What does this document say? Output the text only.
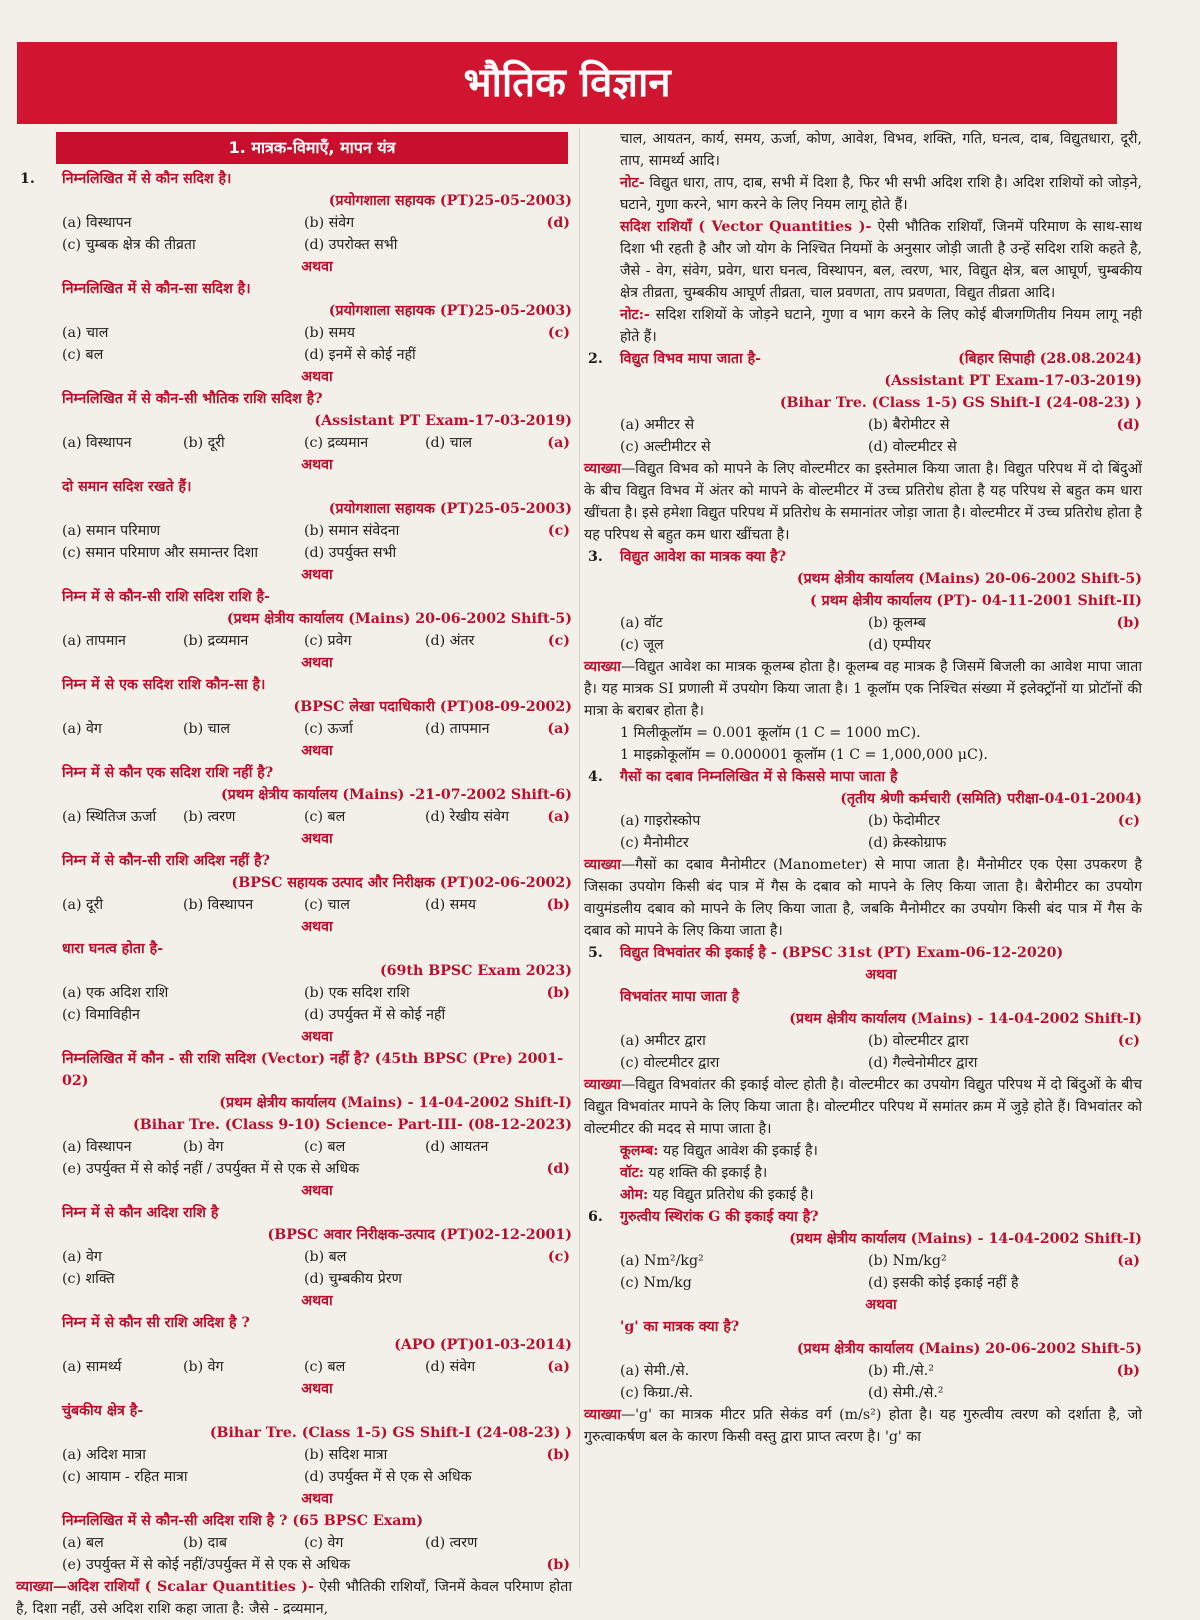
भौतिक विज्ञान
1. मात्रक-विमाएँ, मापन यंत्र
1. निम्नलिखित में से कौन सदिश है।
(प्रयोगशाला सहायक (PT)25-05-2003)
(a) विस्थापन	(b) संवेग
(c) चुम्बक क्षेत्र की तीव्रता	(d) उपरोक्त सभी
(d)
अथवा
निम्नलिखित में से कौन-सा सदिश है।
(प्रयोगशाला सहायक (PT)25-05-2003)
(a) चाल	(b) समय
(c) बल	(d) इनमें से कोई नहीं
(c)
अथवा
निम्नलिखित में से कौन-सी भौतिक राशि सदिश है?
(Assistant PT Exam-17-03-2019)
(a) विस्थापन	(b) दूरी	(c) द्रव्यमान	(d) चाल	(a)
अथवा
दो समान सदिश रखते हैं।
(प्रयोगशाला सहायक (PT)25-05-2003)
(a) समान परिमाण	(b) समान संवेदना
(c) समान परिमाण और समान्तर दिशा	(d) उपर्युक्त सभी
(c)
अथवा
निम्न में से कौन-सी राशि सदिश राशि है-
(प्रथम क्षेत्रीय कार्यालय (Mains) 20-06-2002 Shift-5)
(a) तापमान	(b) द्रव्यमान	(c) प्रवेग	(d) अंतर	(c)
अथवा
निम्न में से एक सदिश राशि कौन-सा है।
(BPSC लेखा पदाधिकारी (PT)08-09-2002)
(a) वेग	(b) चाल	(c) ऊर्जा	(d) तापमान	(a)
अथवा
निम्न में से कौन एक सदिश राशि नहीं है?
(प्रथम क्षेत्रीय कार्यालय (Mains) -21-07-2002 Shift-6)
(a) स्थितिज ऊर्जा	(b) त्वरण	(c) बल	(d) रेखीय संवेग	(a)
अथवा
निम्न में से कौन-सी राशि अदिश नहीं है?
(BPSC सहायक उत्पाद और निरीक्षक (PT)02-06-2002)
(a) दूरी	(b) विस्थापन	(c) चाल	(d) समय	(b)
अथवा
धारा घनत्व होता है-
(69th BPSC Exam 2023)
(a) एक अदिश राशि	(b) एक सदिश राशि
(c) विमाविहीन	(d) उपर्युक्त में से कोई नहीं
(b)
अथवा
निम्नलिखित में कौन - सी राशि सदिश (Vector) नहीं है? (45th BPSC (Pre) 2001-02)
(प्रथम क्षेत्रीय कार्यालय (Mains) - 14-04-2002 Shift-I)
(Bihar Tre. (Class 9-10) Science- Part-III- (08-12-2023)
(a) विस्थापन	(b) वेग	(c) बल	(d) आयतन
(e) उपर्युक्त में से कोई नहीं / उपर्युक्त में से एक से अधिक	(d)
अथवा
निम्न में से कौन अदिश राशि है
(BPSC अवार निरीक्षक-उत्पाद (PT)02-12-2001)
(a) वेग	(b) बल
(c) शक्ति	(d) चुम्बकीय प्रेरण
(c)
अथवा
निम्न में से कौन सी राशि अदिश है ?
(APO (PT)01-03-2014)
(a) सामर्थ्य	(b) वेग	(c) बल	(d) संवेग	(a)
अथवा
चुंबकीय क्षेत्र है-
(Bihar Tre. (Class 1-5) GS Shift-I (24-08-23) )
(a) अदिश मात्रा	(b) सदिश मात्रा
(c) आयाम - रहित मात्रा	(d) उपर्युक्त में से एक से अधिक
(b)
अथवा
निम्नलिखित में से कौन-सी अदिश राशि है ? (65 BPSC Exam)
(a) बल	(b) दाब	(c) वेग	(d) त्वरण
(e) उपर्युक्त में से कोई नहीं/उपर्युक्त में से एक से अधिक	(b)
व्याख्या—अदिश राशियाँ ( Scalar Quantities )- ऐसी भौतिकी राशियाँ, जिनमें केवल परिमाण होता है, दिशा नहीं, उसे अदिश राशि कहा जाता है: जैसे - द्रव्यमान,
चाल, आयतन, कार्य, समय, ऊर्जा, कोण, आवेश, विभव, शक्ति, गति, घनत्व, दाब, विद्युतधारा, दूरी, ताप, सामर्थ्य आदि।
नोट- विद्युत धारा, ताप, दाब, सभी में दिशा है, फिर भी सभी अदिश राशि है। अदिश राशियों को जोड़ने, घटाने, गुणा करने, भाग करने के लिए नियम लागू होते हैं।
सदिश राशियाँ ( Vector Quantities )- ऐसी भौतिक राशियाँ, जिनमें परिमाण के साथ-साथ दिशा भी रहती है और जो योग के निश्चित नियमों के अनुसार जोड़ी जाती है उन्हें सदिश राशि कहते है, जैसे - वेग, संवेग, प्रवेग, धारा घनत्व, विस्थापन, बल, त्वरण, भार, विद्युत क्षेत्र, बल आघूर्ण, चुम्बकीय क्षेत्र तीव्रता, चुम्बकीय आघूर्ण तीव्रता, चाल प्रवणता, ताप प्रवणता, विद्युत तीव्रता आदि।
नोट:- सदिश राशियों के जोड़ने घटाने, गुणा व भाग करने के लिए कोई बीजगणितीय नियम लागू नही होते हैं।
2. विद्युत विभव मापा जाता है-	(बिहार सिपाही (28.08.2024)
(Assistant PT Exam-17-03-2019)
(Bihar Tre. (Class 1-5) GS Shift-I (24-08-23) )
(a) अमीटर से	(b) बैरोमीटर से
(c) अल्टीमीटर से	(d) वोल्टमीटर से
(d)
व्याख्या—विद्युत विभव को मापने के लिए वोल्टमीटर का इस्तेमाल किया जाता है। विद्युत परिपथ में दो बिंदुओं के बीच विद्युत विभव में अंतर को मापने के वोल्टमीटर में उच्च प्रतिरोध होता है यह परिपथ से बहुत कम धारा खींचता है। इसे हमेशा विद्युत परिपथ में प्रतिरोध के समानांतर जोड़ा जाता है। वोल्टमीटर में उच्च प्रतिरोध होता है यह परिपथ से बहुत कम धारा खींचता है।
3. विद्युत आवेश का मात्रक क्या है?
(प्रथम क्षेत्रीय कार्यालय (Mains) 20-06-2002 Shift-5)
( प्रथम क्षेत्रीय कार्यालय (PT)- 04-11-2001 Shift-II)
(a) वॉट	(b) कूलम्ब
(c) जूल	(d) एम्पीयर
(b)
व्याख्या—विद्युत आवेश का मात्रक कूलम्ब होता है। कूलम्ब वह मात्रक है जिसमें बिजली का आवेश मापा जाता है। यह मात्रक SI प्रणाली में उपयोग किया जाता है। 1 कूलॉम एक निश्चित संख्या में इलेक्ट्रॉनों या प्रोटॉनों की मात्रा के बराबर होता है।
1 मिलीकूलॉम = 0.001 कूलॉम (1 C = 1000 mC).
1 माइक्रोकूलॉम = 0.000001 कूलॉम (1 C = 1,000,000 μC).
4. गैसों का दबाव निम्नलिखित में से किससे मापा जाता है
(तृतीय श्रेणी कर्मचारी (समिति) परीक्षा-04-01-2004)
(a) गाइरोस्कोप	(b) फेदोमीटर
(c) मैनोमीटर	(d) क्रेस्कोग्राफ
(c)
व्याख्या—गैसों का दबाव मैनोमीटर (Manometer) से मापा जाता है। मैनोमीटर एक ऐसा उपकरण है जिसका उपयोग किसी बंद पात्र में गैस के दबाव को मापने के लिए किया जाता है। बैरोमीटर का उपयोग वायुमंडलीय दबाव को मापने के लिए किया जाता है, जबकि मैनोमीटर का उपयोग किसी बंद पात्र में गैस के दबाव को मापने के लिए किया जाता है।
5. विद्युत विभवांतर की इकाई है - (BPSC 31st (PT) Exam-06-12-2020)
अथवा
विभवांतर मापा जाता है
(प्रथम क्षेत्रीय कार्यालय (Mains) - 14-04-2002 Shift-I)
(a) अमीटर द्वारा	(b) वोल्टमीटर द्वारा
(c) वोल्टमीटर द्वारा	(d) गैल्वेनोमीटर द्वारा
(c)
व्याख्या—विद्युत विभवांतर की इकाई वोल्ट होती है। वोल्टमीटर का उपयोग विद्युत परिपथ में दो बिंदुओं के बीच विद्युत विभवांतर मापने के लिए किया जाता है। वोल्टमीटर परिपथ में समांतर क्रम में जुड़े होते हैं। विभवांतर को वोल्टमीटर की मदद से मापा जाता है।
कूलम्ब: यह विद्युत आवेश की इकाई है।
वॉट: यह शक्ति की इकाई है।
ओम: यह विद्युत प्रतिरोध की इकाई है।
6. गुरुत्वीय स्थिरांक G की इकाई क्या है?
(प्रथम क्षेत्रीय कार्यालय (Mains) - 14-04-2002 Shift-I)
(a) Nm²/kg²	(b) Nm/kg²
(c) Nm/kg	(d) इसकी कोई इकाई नहीं है
(a)
अथवा
'g' का मात्रक क्या है?
(प्रथम क्षेत्रीय कार्यालय (Mains) 20-06-2002 Shift-5)
(a) सेमी./से.	(b) मी./से.²
(c) किग्रा./से.	(d) सेमी./से.²
(b)
व्याख्या—'g' का मात्रक मीटर प्रति सेकंड वर्ग (m/s²) होता है। यह गुरुत्वीय त्वरण को दर्शाता है, जो गुरुत्वाकर्षण बल के कारण किसी वस्तु द्वारा प्राप्त त्वरण है। 'g' का
